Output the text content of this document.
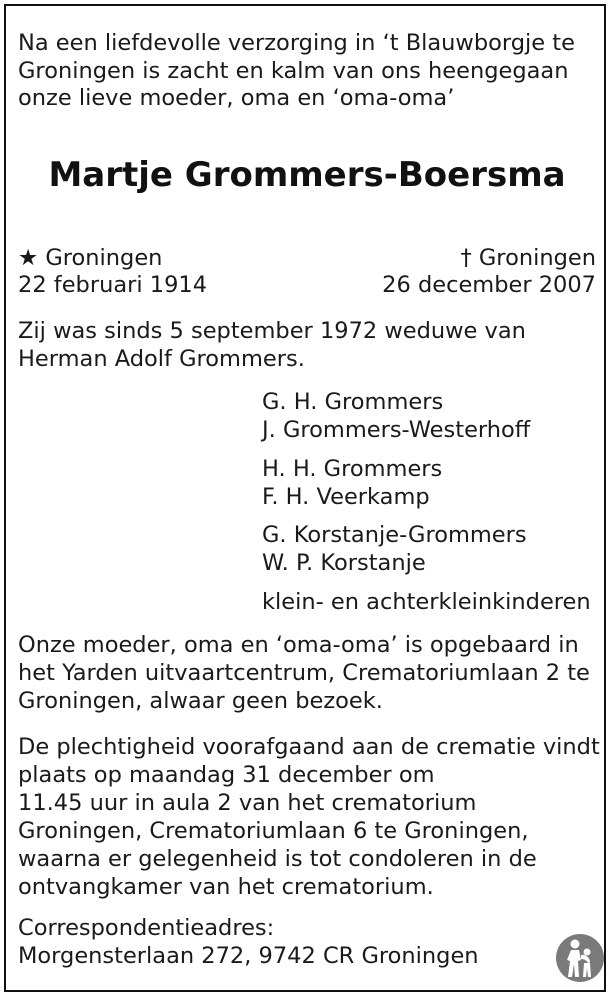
Na een liefdevolle verzorging in ‘t Blauwborgje te
Groningen is zacht en kalm van ons heengegaan
onze lieve moeder, oma en ‘oma-oma’
Martje Grommers-Boersma
★ Groningen
22 februari 1914
† Groningen
26 december 2007
Zij was sinds 5 september 1972 weduwe van
Herman Adolf Grommers.
G. H. Grommers
J. Grommers-Westerhoff
H. H. Grommers
F. H. Veerkamp
G. Korstanje-Grommers
W. P. Korstanje
klein- en achterkleinkinderen
Onze moeder, oma en ‘oma-oma’ is opgebaard in
het Yarden uitvaartcentrum, Crematoriumlaan 2 te
Groningen, alwaar geen bezoek.
De plechtigheid voorafgaand aan de crematie vindt
plaats op maandag 31 december om
11.45 uur in aula 2 van het crematorium
Groningen, Crematoriumlaan 6 te Groningen,
waarna er gelegenheid is tot condoleren in de
ontvangkamer van het crematorium.
Correspondentieadres:
Morgensterlaan 272, 9742 CR Groningen
